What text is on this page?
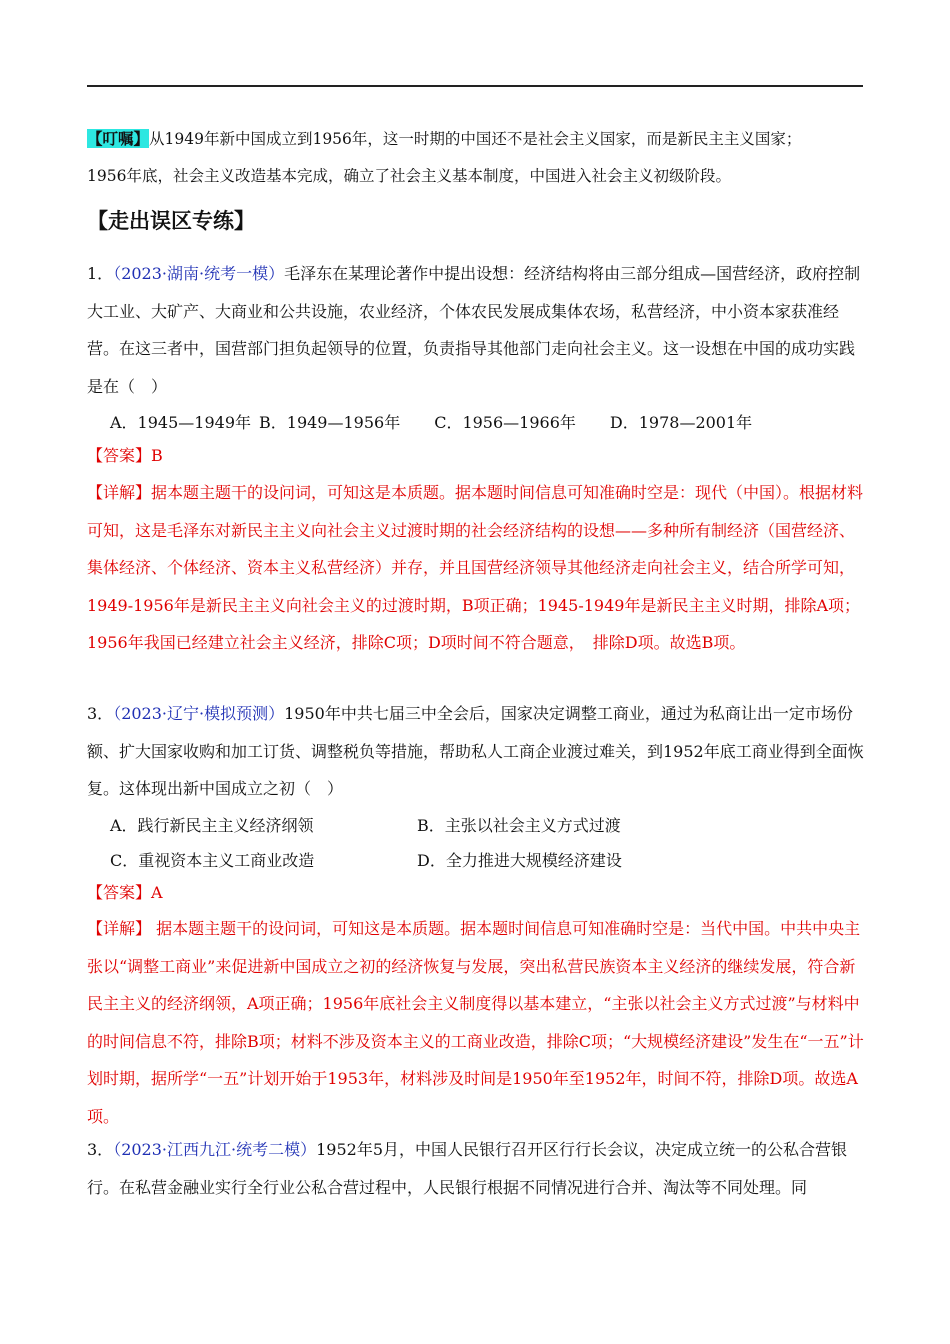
【叮嘱】从1949年新中国成立到1956年，这一时期的中国还不是社会主义国家，而是新民主主义国家；
1956年底，社会主义改造基本完成，确立了社会主义基本制度，中国进入社会主义初级阶段。
【走出误区专练】
1．（2023·湖南·统考一模）毛泽东在某理论著作中提出设想：经济结构将由三部分组成—国营经济，政府控制大工业、大矿产、大商业和公共设施，农业经济，个体农民发展成集体农场，私营经济，中小资本家获准经营。在这三者中，国营部门担负起领导的位置，负责指导其他部门走向社会主义。这一设想在中国的成功实践是在（　）
A．1945—1949年 B．1949—1956年 C．1956—1966年 D．1978—2001年
【答案】B
【详解】据本题主题干的设问词，可知这是本质题。据本题时间信息可知准确时空是：现代（中国）。根据材料可知，这是毛泽东对新民主主义向社会主义过渡时期的社会经济结构的设想——多种所有制经济（国营经济、集体经济、个体经济、资本主义私营经济）并存，并且国营经济领导其他经济走向社会主义，结合所学可知，1949-1956年是新民主主义向社会主义的过渡时期，B项正确；1945-1949年是新民主主义时期，排除A项；1956年我国已经建立社会主义经济，排除C项；D项时间不符合题意，　排除D项。故选B项。
3．（2023·辽宁·模拟预测）1950年中共七届三中全会后，国家决定调整工商业，通过为私商让出一定市场份额、扩大国家收购和加工订货、调整税负等措施，帮助私人工商企业渡过难关，到1952年底工商业得到全面恢复。这体现出新中国成立之初（　）
A．践行新民主主义经济纲领	B．主张以社会主义方式过渡
C．重视资本主义工商业改造	D．全力推进大规模经济建设
【答案】A
【详解】 据本题主题干的设问词，可知这是本质题。据本题时间信息可知准确时空是：当代中国。中共中央主张以“调整工商业”来促进新中国成立之初的经济恢复与发展，突出私营民族资本主义经济的继续发展，符合新民主主义的经济纲领，A项正确；1956年底社会主义制度得以基本建立，“主张以社会主义方式过渡”与材料中的时间信息不符，排除B项；材料不涉及资本主义的工商业改造，排除C项；“大规模经济建设”发生在“一五”计划时期，据所学“一五”计划开始于1953年，材料涉及时间是1950年至1952年，时间不符，排除D项。故选A项。
3．（2023·江西九江·统考二模）1952年5月，中国人民银行召开区行行长会议，决定成立统一的公私合营银行。在私营金融业实行全行业公私合营过程中，人民银行根据不同情况进行合并、淘汰等不同处理。同
